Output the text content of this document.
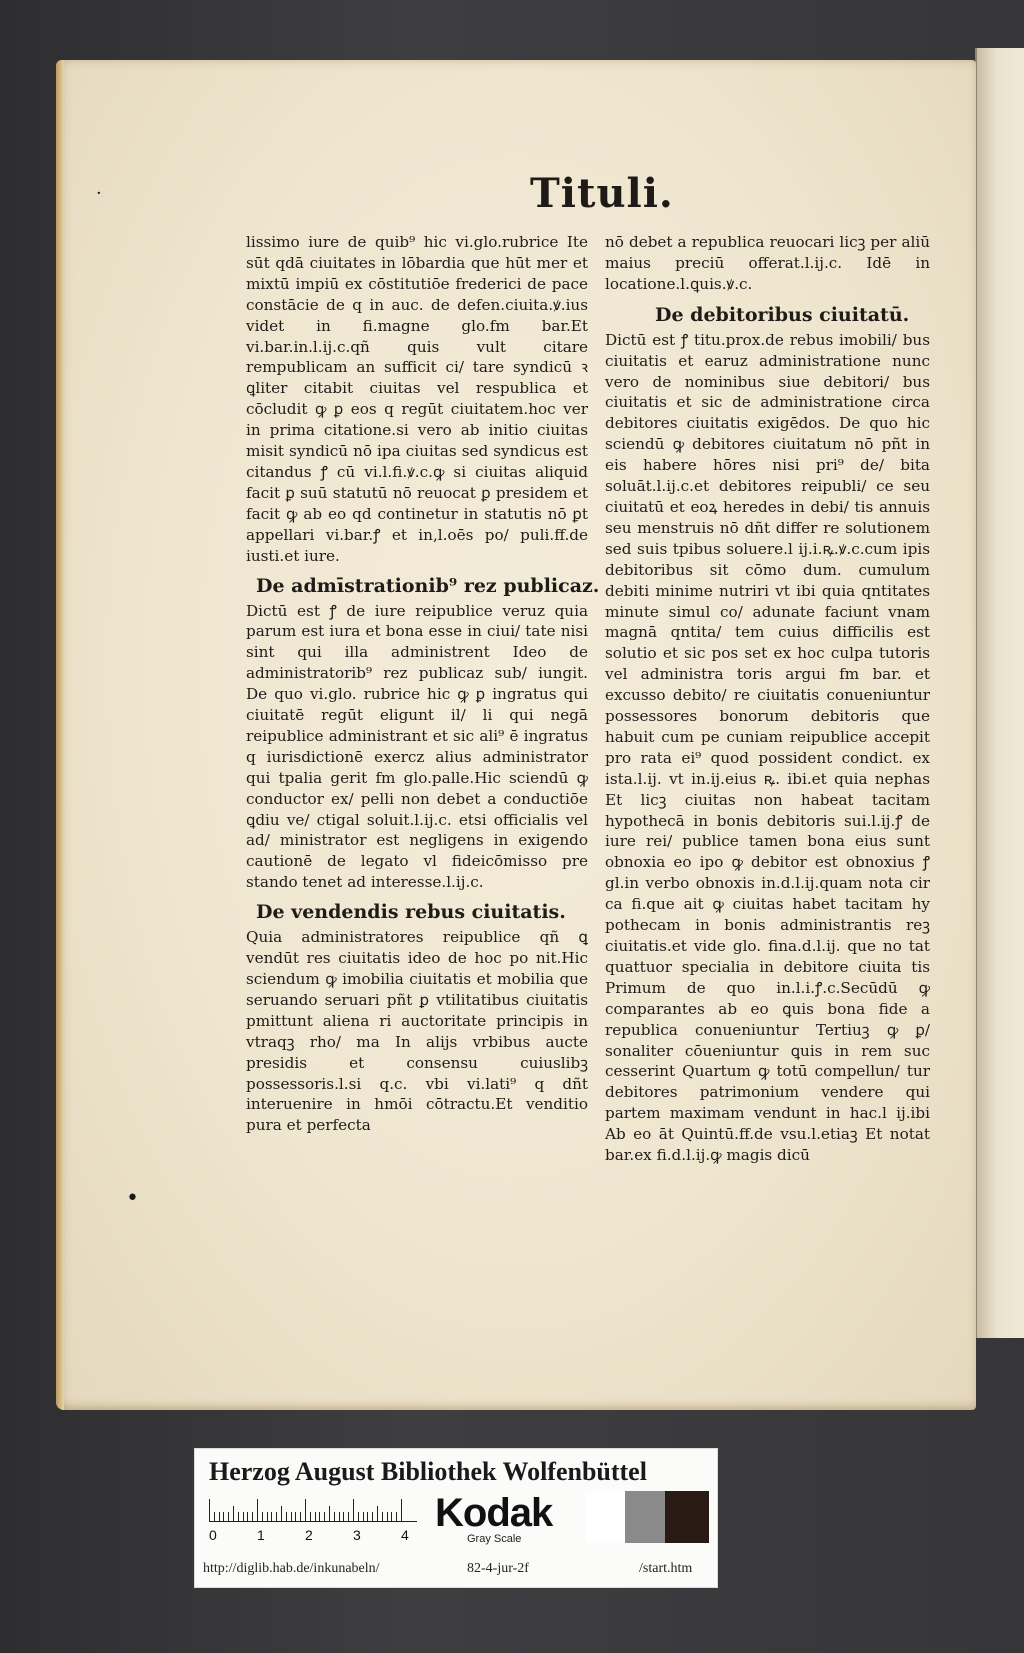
·
•
Tituli.

lissimo iure de quib⁹ hic vi.glo.rubrice Ite sūt qdā ciuitates in lōbardia que hūt mer et mixtū impiū ex cōstitutiōe frederici de pace constācie de q in auc. de defen.ciuita.ꝟ.ius videt in fi.magne glo.fm bar.Et vi.bar.in.l.ij.c.qñ quis vult citare rempublicam an sufficit ci/ tare syndicū ꝛ ꝗliter citabit ciuitas vel respublica et cōcludit ꝙ ꝑ eos q regūt ciuitatem.hoc ver in prima citatione.si vero ab initio ciuitas misit syndicū nō ipa ciuitas sed syndicus est citandus ꝭ cū vi.l.fi.ꝟ.c.ꝙ si ciuitas aliquid facit ꝑ suū statutū nō reuocat ꝑ presidem et facit ꝙ ab eo qd continetur in statutis nō ꝑt appellari vi.bar.ꝭ et in,l.oēs po/ puli.ff.de iusti.et iure.

De admīstrationib⁹ rez publicaz.

Dictū est ꝭ de iure reipublice veruz quia parum est iura et bona esse in ciui/ tate nisi sint qui illa administrent Ideo de administratorib⁹ rez publicaz sub/ iungit. De quo vi.glo. rubrice hic ꝙ ꝑ ingratus qui ciuitatē regūt eligunt il/ li qui negā reipublice administrant et sic ali⁹ ē ingratus q iurisdictionē exercz alius administrator qui tpalia gerit fm glo.palle.Hic sciendū ꝙ conductor ex/ pelli non debet a conductiōe ꝗdiu ve/ ctigal soluit.l.ij.c. etsi officialis vel ad/ ministrator est negligens in exigendo cautionē de legato vl fideicōmisso pre stando tenet ad interesse.l.ij.c.

De vendendis rebus ciuitatis.

Quia administratores reipublice qñ ꝗ vendūt res ciuitatis ideo de hoc po nit.Hic sciendum ꝙ imobilia ciuitatis et mobilia que seruando seruari pñt ꝑ vtilitatibus ciuitatis pmittunt aliena ri auctoritate principis in vtraqꝫ rho/ ma In alijs vrbibus aucte presidis et consensu cuiuslibꝫ possessoris.l.si q.c. vbi vi.lati⁹ q dñt interuenire in hmōi cōtractu.Et venditio pura et perfecta

nō debet a republica reuocari licꝫ per aliū maius preciū offerat.l.ij.c. Idē in locatione.l.ꝗuis.ꝟ.c.

De debitoribus ciuitatū.

Dictū est ꝭ titu.prox.de rebus imobili/ bus ciuitatis et earuz administratione nunc vero de nominibus siue debitori/ bus ciuitatis et sic de administratione circa debitores ciuitatis exigēdos. De quo hic sciendū ꝙ debitores ciuitatum nō pñt in eis habere hōres nisi pri⁹ de/ bita soluāt.l.ij.c.et debitores reipubli/ ce seu ciuitatū et eoꝝ heredes in debi/ tis annuis seu menstruis nō dñt differ re solutionem sed suis tpibus soluere.l ij.i.ꝶ.ꝟ.c.cum ipis debitoribus sit cōmo dum. cumulum debiti minime nutriri vt ibi quia qntitates minute simul co/ adunate faciunt vnam magnā qntita/ tem cuius difficilis est solutio et sic pos set ex hoc culpa tutoris vel administra toris argui fm bar. et excusso debito/ re ciuitatis conueniuntur possessores bonorum debitoris que habuit cum pe cuniam reipublice accepit pro rata ei⁹ quod possident condict. ex ista.l.ij. vt in.ij.eius ꝶ. ibi.et quia nephas Et licꝫ ciuitas non habeat tacitam hypothecā in bonis debitoris sui.l.ij.ꝭ de iure rei/ publice tamen bona eius sunt obnoxia eo ipo ꝙ debitor est obnoxius ꝭ gl.in verbo obnoxis in.d.l.ij.quam nota cir ca fi.que ait ꝙ ciuitas habet tacitam hy pothecam in bonis administrantis reꝫ ciuitatis.et vide glo. fina.d.l.ij. que no tat quattuor specialia in debitore ciuita tis Primum de quo in.l.i.ꝭ.c.Secūdū ꝙ comparantes ab eo ꝗuis bona fide a republica conueniuntur Tertiuꝫ ꝙ ꝑ/ sonaliter cōueniuntur ꝗuis in rem suc cesserint Quartum ꝙ totū compellun/ tur debitores patrimonium vendere qui partem maximam vendunt in hac.l ij.ibi Ab eo āt Quintū.ff.de vsu.l.etiaꝫ Et notat bar.ex fi.d.l.ij.ꝙ magis dicū

Herzog August Bibliothek Wolfenbüttel

0	1	2	3	4 Kodak

Gray Scale

http://diglib.hab.de/inkunabeln/	82-4-jur-2f	/start.htm
